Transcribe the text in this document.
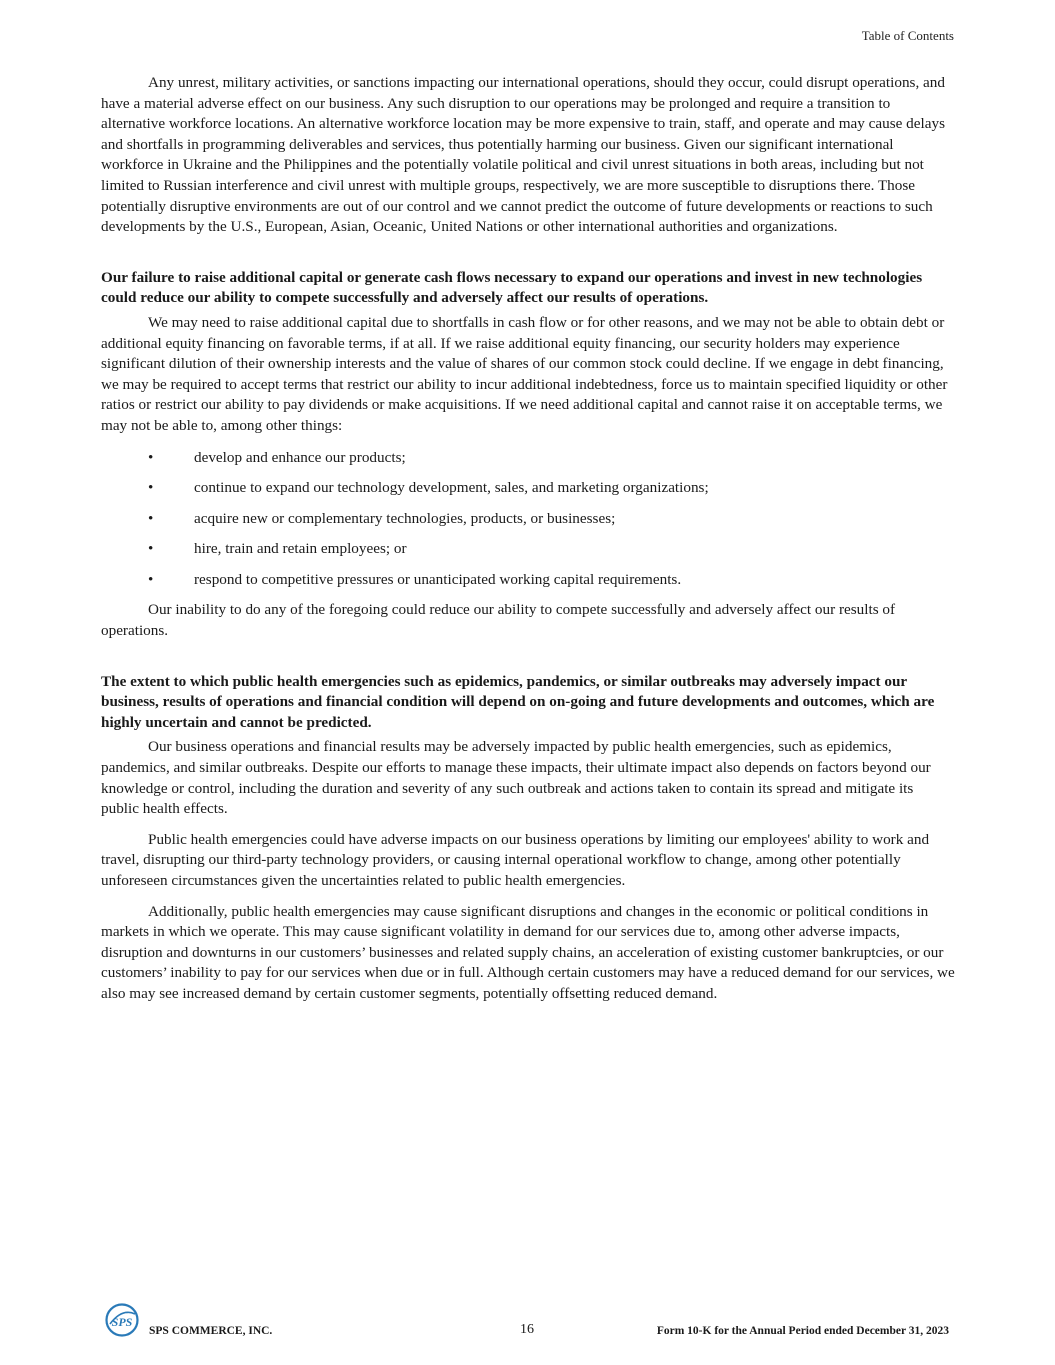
Table of Contents

Any unrest, military activities, or sanctions impacting our international operations, should they occur, could disrupt operations, and have a material adverse effect on our business. Any such disruption to our operations may be prolonged and require a transition to alternative workforce locations. An alternative workforce location may be more expensive to train, staff, and operate and may cause delays and shortfalls in programming deliverables and services, thus potentially harming our business. Given our significant international workforce in Ukraine and the Philippines and the potentially volatile political and civil unrest situations in both areas, including but not limited to Russian interference and civil unrest with multiple groups, respectively, we are more susceptible to disruptions there. Those potentially disruptive environments are out of our control and we cannot predict the outcome of future developments or reactions to such developments by the U.S., European, Asian, Oceanic, United Nations or other international authorities and organizations.

Our failure to raise additional capital or generate cash flows necessary to expand our operations and invest in new technologies could reduce our ability to compete successfully and adversely affect our results of operations.

We may need to raise additional capital due to shortfalls in cash flow or for other reasons, and we may not be able to obtain debt or additional equity financing on favorable terms, if at all. If we raise additional equity financing, our security holders may experience significant dilution of their ownership interests and the value of shares of our common stock could decline. If we engage in debt financing, we may be required to accept terms that restrict our ability to incur additional indebtedness, force us to maintain specified liquidity or other ratios or restrict our ability to pay dividends or make acquisitions. If we need additional capital and cannot raise it on acceptable terms, we may not be able to, among other things:

•	develop and enhance our products;
•	continue to expand our technology development, sales, and marketing organizations;
•	acquire new or complementary technologies, products, or businesses;
•	hire, train and retain employees; or
•	respond to competitive pressures or unanticipated working capital requirements.

Our inability to do any of the foregoing could reduce our ability to compete successfully and adversely affect our results of operations.

The extent to which public health emergencies such as epidemics, pandemics, or similar outbreaks may adversely impact our business, results of operations and financial condition will depend on on-going and future developments and outcomes, which are highly uncertain and cannot be predicted.

Our business operations and financial results may be adversely impacted by public health emergencies, such as epidemics, pandemics, and similar outbreaks. Despite our efforts to manage these impacts, their ultimate impact also depends on factors beyond our knowledge or control, including the duration and severity of any such outbreak and actions taken to contain its spread and mitigate its public health effects.

Public health emergencies could have adverse impacts on our business operations by limiting our employees' ability to work and travel, disrupting our third-party technology providers, or causing internal operational workflow to change, among other potentially unforeseen circumstances given the uncertainties related to public health emergencies.

Additionally, public health emergencies may cause significant disruptions and changes in the economic or political conditions in markets in which we operate. This may cause significant volatility in demand for our services due to, among other adverse impacts, disruption and downturns in our customers’ businesses and related supply chains, an acceleration of existing customer bankruptcies, or our customers’ inability to pay for our services when due or in full. Although certain customers may have a reduced demand for our services, we also may see increased demand by certain customer segments, potentially offsetting reduced demand.

SPS
SPS COMMERCE, INC.	16	Form 10-K for the Annual Period ended December 31, 2023
